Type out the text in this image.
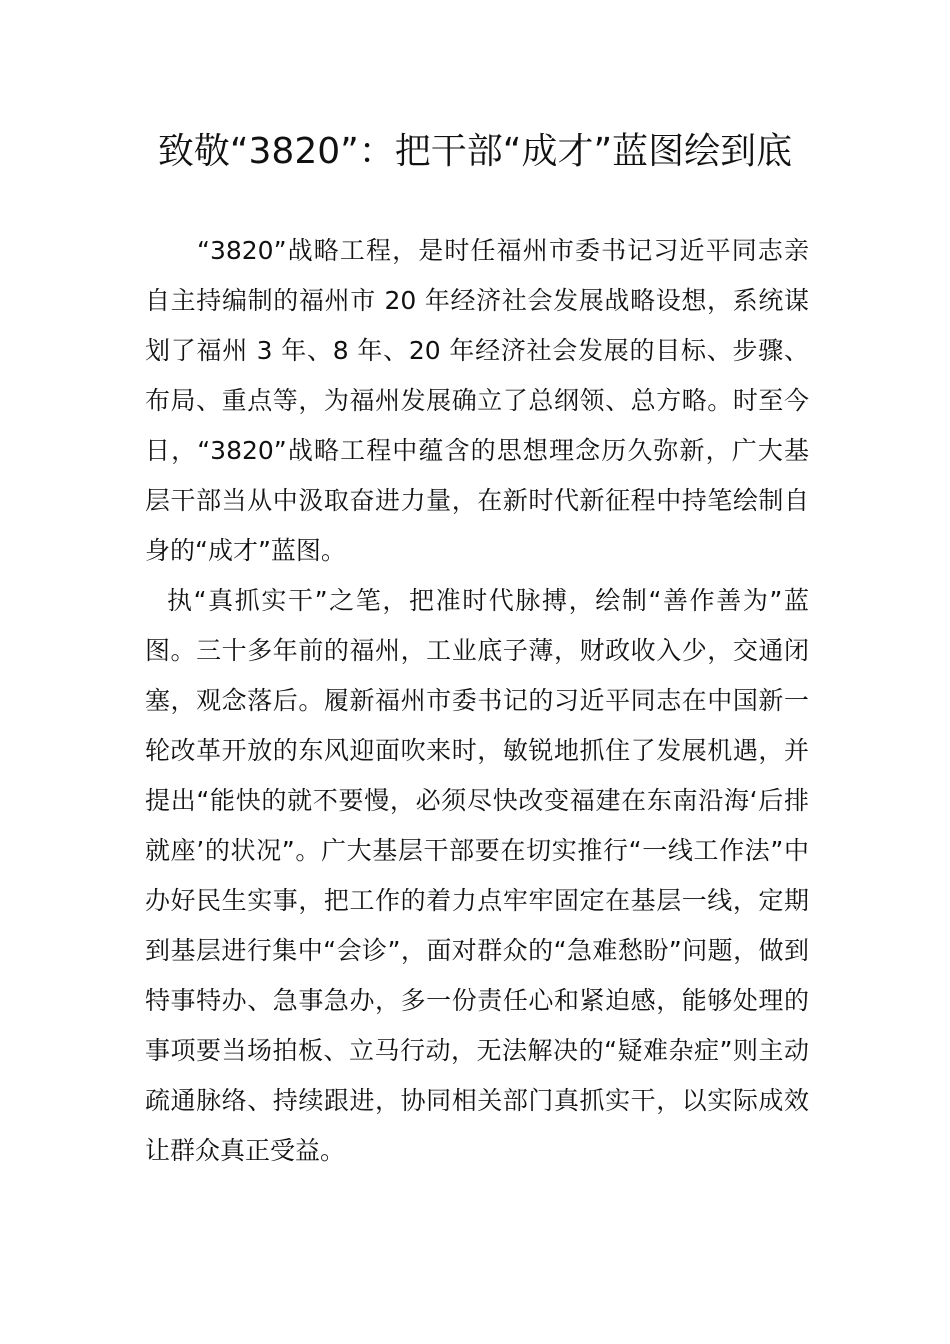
致敬“3820”：把干部“成才”蓝图绘到底

“3820”战略工程，是时任福州市委书记习近平同志亲自主持编制的福州市 20 年经济社会发展战略设想，系统谋划了福州 3 年、8 年、20 年经济社会发展的目标、步骤、布局、重点等，为福州发展确立了总纲领、总方略。时至今日，“3820”战略工程中蕴含的思想理念历久弥新，广大基层干部当从中汲取奋进力量，在新时代新征程中持笔绘制自身的“成才”蓝图。

执“真抓实干”之笔，把准时代脉搏，绘制“善作善为”蓝图。三十多年前的福州，工业底子薄，财政收入少，交通闭塞，观念落后。履新福州市委书记的习近平同志在中国新一轮改革开放的东风迎面吹来时，敏锐地抓住了发展机遇，并提出“能快的就不要慢，必须尽快改变福建在东南沿海‘后排就座’的状况”。广大基层干部要在切实推行“一线工作法”中办好民生实事，把工作的着力点牢牢固定在基层一线，定期到基层进行集中“会诊”，面对群众的“急难愁盼”问题，做到特事特办、急事急办，多一份责任心和紧迫感，能够处理的事项要当场拍板、立马行动，无法解决的“疑难杂症”则主动疏通脉络、持续跟进，协同相关部门真抓实干，以实际成效让群众真正受益。
